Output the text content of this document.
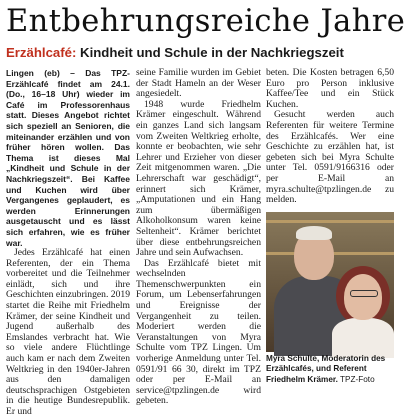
Entbehrungsreiche Jahre
Erzählcafé: Kindheit und Schule in der Nachkriegszeit

Lingen (eb) – Das TPZ-Erzählcafé findet am 24.1. (Do., 16–18 Uhr) wieder im Café im Professorenhaus statt. Dieses Angebot richtet sich speziell an Senioren, die miteinander erzählen und von früher hören wollen. Das Thema ist dieses Mal „Kindheit und Schule in der Nachkriegszeit“. Bei Kaffee und Kuchen wird über Vergangenes geplaudert, es werden Erinnerungen ausgetauscht und es lässt sich erfahren, wie es früher war.

Jedes Erzählcafé hat einen Referenten, der ein Thema vorbereitet und die Teilnehmer einlädt, sich und ihre Geschichten einzubringen. 2019 startet die Reihe mit Friedhelm Krämer, der seine Kindheit und Jugend außerhalb des Emslandes verbracht hat. Wie so viele andere Flüchtlinge auch kam er nach dem Zweiten Weltkrieg in den 1940er-Jahren aus den damaligen deutschsprachigen Ostgebieten in die heutige Bundesrepublik. Er und

seine Familie wurden im Gebiet der Stadt Hameln an der Weser angesiedelt.

1948 wurde Friedhelm Krämer eingeschult. Während ein ganzes Land sich langsam vom Zweiten Weltkrieg erholte, konnte er beobachten, wie sehr Lehrer und Erzieher von dieser Zeit mitgenommen waren. „Die Lehrerschaft war geschädigt“, erinnert sich Krämer, „Amputationen und ein Hang zum übermäßigen Alkoholkonsum waren keine Seltenheit“. Krämer berichtet über diese entbehrungsreichen Jahre und sein Aufwachsen.

Das Erzählcafé bietet mit wechselnden Themenschwerpunkten ein Forum, um Lebenserfahrungen und Ereignisse der Vergangenheit zu teilen. Moderiert werden die Veranstaltungen von Myra Schulte vom TPZ Lingen. Um vorherige Anmeldung unter Tel. 0591/91 66 30, direkt im TPZ oder per E-Mail an service@tpzlingen.de wird gebeten.

beten. Die Kosten betragen 6,50 Euro pro Person inklusive Kaffee/Tee und ein Stück Kuchen.

Gesucht werden auch Referenten für weitere Termine des Erzählcafés. Wer eine Geschichte zu erzählen hat, ist gebeten sich bei Myra Schulte unter Tel. 0591/9166316 oder per E-Mail an myra.schulte@tpzlingen.de zu melden.

Myra Schulte, Moderatorin des Erzählcafés, und Referent Friedhelm Krämer. TPZ-Foto
